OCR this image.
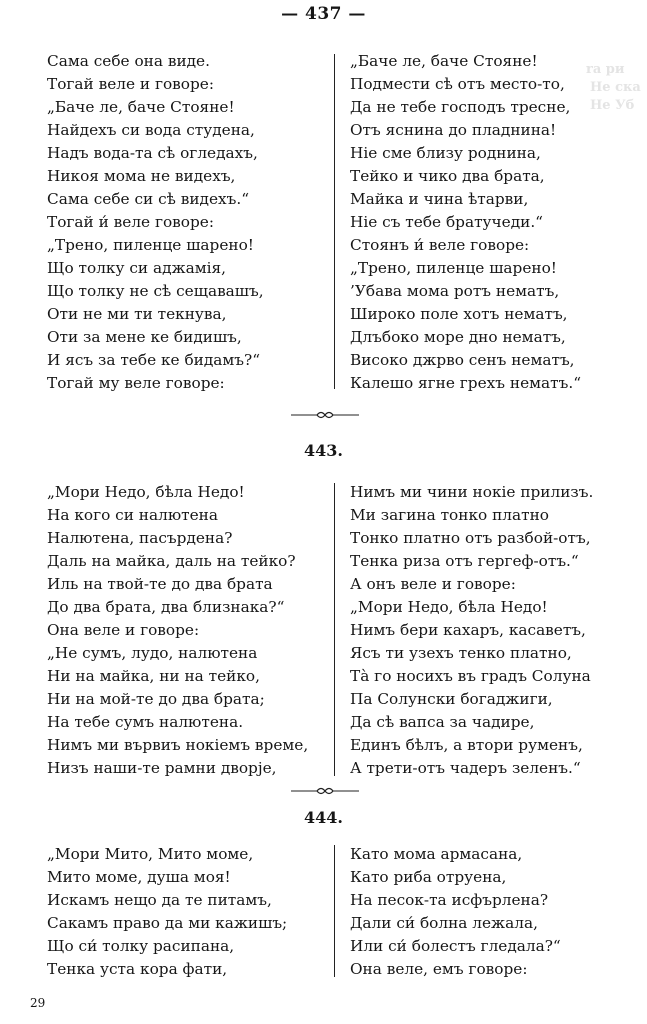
— 437 —
ra ри
Не ска
Не Уб
Сама себе она виде.
Тогай веле и говоре:
„Баче ле, баче Стояне!
Найдехъ си вода студена,
Надъ вода-та сѣ огледахъ,
Никоя мома не видехъ,
Сама себе си сѣ видехъ.“
Тогай и́ веле говоре:
„Трено, пиленце шарено!
Що толку си аджамія,
Що толку не сѣ сещавашъ,
Оти не ми ти текнува,
Оти за мене ке бидишъ,
И ясъ за тебе ке бидамъ?“
Тогай му веле говоре:
„Баче ле, баче Стояне!
Подмести сѣ отъ место-то,
Да не тебе господъ тресне,
Отъ яснина до пладнина!
Ніе сме близу роднина,
Тейко и чико два брата,
Майка и чина ѣтарви,
Ніе съ тебе братучеди.“
Стоянъ и́ веле говоре:
„Трено, пиленце шарено!
’Убава мома ротъ нематъ,
Широко поле хотъ нематъ,
Длъбоко море дно нематъ,
Високо джрво сенъ нематъ,
Калешо ягне грехъ нематъ.“
443.
„Мори Недо, бѣла Недо!
На кого си налютена
Налютена, пасърдена?
Даль на майка, даль на тейко?
Иль на твой-те до два брата
До два брата, два близнака?“
Она веле и говоре:
„Не сумъ, лудо, налютена
Ни на майка, ни на тейко,
Ни на мой-те до два брата;
На тебе сумъ налютена.
Нимъ ми вървиъ нокіемъ време,
Низъ наши-те рамни дворje,
Нимъ ми чини нокіе прилизъ.
Ми загина тонко платно
Тонко платно отъ разбой-отъ,
Тенка риза отъ гергеф-отъ.“
А онъ веле и говоре:
„Мори Недо, бѣла Недо!
Нимъ бери кахаръ, касаветъ,
Ясъ ти узехъ тенко платно,
Тà го носихъ въ градъ Солуна
Па Солунски богаджиги,
Да сѣ вапса за чадире,
Единъ бѣлъ, а втори руменъ,
А трети-отъ чадеръ зеленъ.“
444.
„Мори Мито, Мито моме,
Мито моме, душа моя!
Искамъ нещо да те питамъ,
Сакамъ право да ми кажишъ;
Що си́ толку расипана,
Тенка уста кора фати,
Като мома армасана,
Като риба отруена,
На песок-та исфърлена?
Дали си́ болна лежала,
Или си́ болестъ гледала?“
Она веле, емъ говоре:
29
